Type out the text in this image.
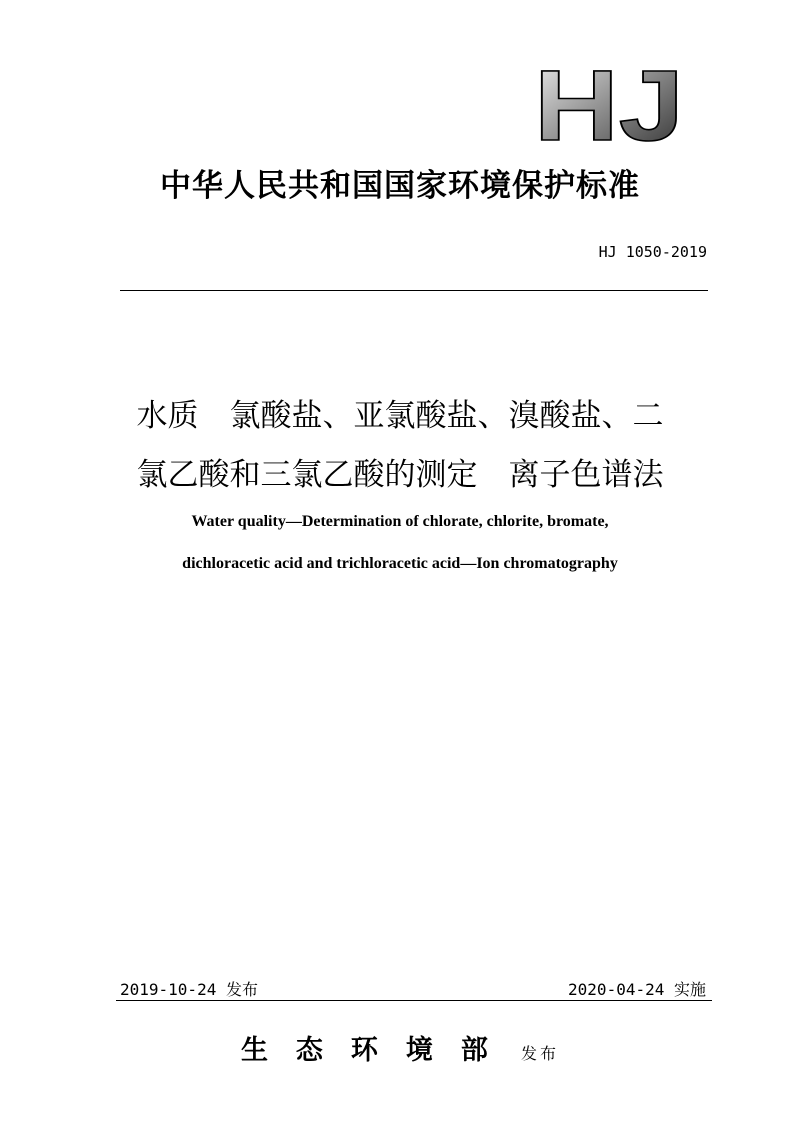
HJ
中华人民共和国国家环境保护标准
HJ 1050-2019
水质　氯酸盐、亚氯酸盐、溴酸盐、二
氯乙酸和三氯乙酸的测定　离子色谱法
Water quality—Determination of chlorate, chlorite, bromate,
dichloracetic acid and trichloracetic acid—Ion chromatography
2019-10-24 发布	2020-04-24 实施
生态环境部 发布
